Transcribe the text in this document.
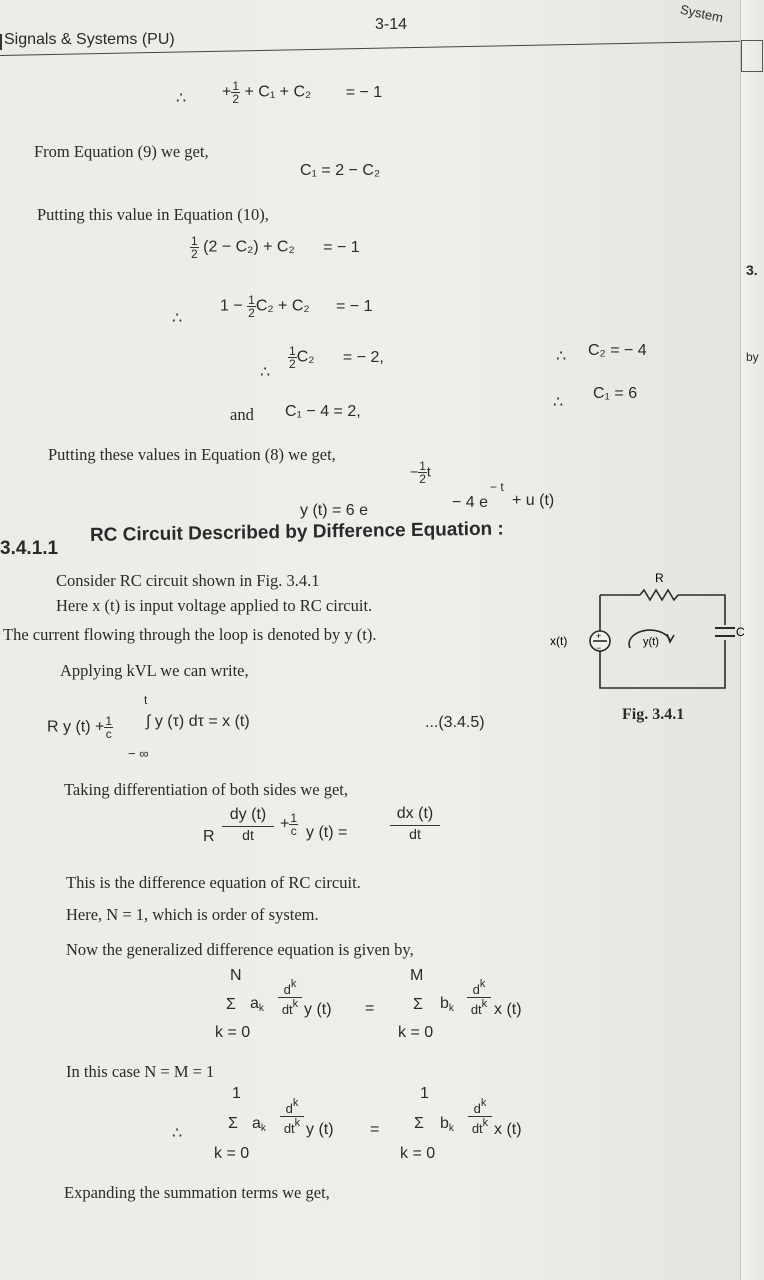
Signals & Systems (PU)
3-14	System
∴ + $\frac{1}{2} + C_1 + C_2$ = − 1
From Equation (9) we get,
C₁ = 2 − C₂
Putting this value in Equation (10),
$\frac{1}{2} (2 - C_2) + C_2$ = − 1
∴
$1 - \frac{1}{2} C_2 + C_2$ = − 1
∴
$\frac{1}{2} C_2$ = − 2,	∴ C₂ = − 4
and C₁ − 4 = 2,
∴
C₁ = 6
Putting these values in Equation (8) we get,
y (t) = 6 e
− $\frac{1}{2}$ t
− 4 e
− t
+ u (t)
3.4.1.1
RC Circuit Described by Difference Equation :
Consider RC circuit shown in Fig. 3.4.1
Here x (t) is input voltage applied to RC circuit.
The current flowing through the loop is denoted by y (t).
Applying kVL we can write,
t
R y $(t) + \frac{1}{c}$ ∫ y (τ) dτ = x (t)
− ∞
...(3.4.5)
Taking differentiation of both sides we get,
R $\frac{dy (t)}{dt} + \frac{1}{c}$ y (t) =	$\frac{dx (t)}{dt}$
This is the difference equation of RC circuit.
Here, N = 1, which is order of system.
Now the generalized difference equation is given by,
N
Σ $a_k$
$d^k$
$dt^k$ y (t)
k = 0
=
M
Σ $b_k$
$d^k$
$dt^k$ x (t)
k = 0
In this case N = M = 1
∴
1
Σ $a_k$
$d^k$
$dt^k$ y (t)
k = 0
=
1
Σ $b_k$
$d^k$
$dt^k$ x (t)
k = 0
Expanding the summation terms we get,
+
−
R
C
x(t)	y(t)
Fig. 3.4.1
3.
by
